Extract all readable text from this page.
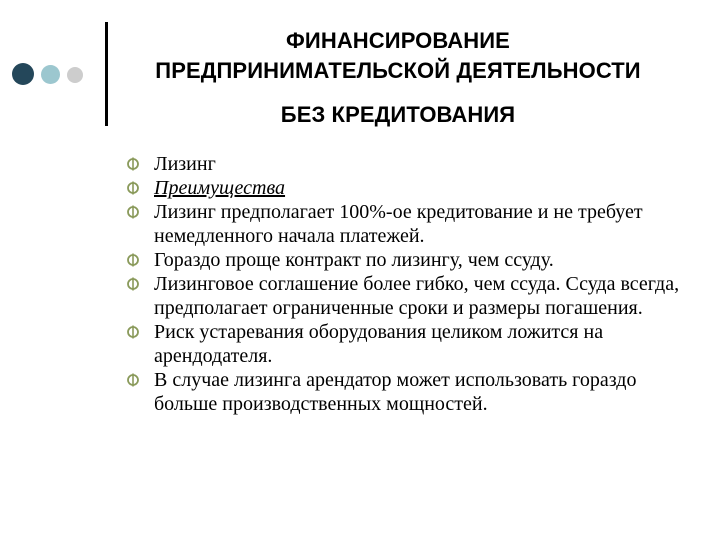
ФИНАНСИРОВАНИЕ
ПРЕДПРИНИМАТЕЛЬСКОЙ ДЕЯТЕЛЬНОСТИ
БЕЗ КРЕДИТОВАНИЯ
Лизинг
Преимущества
Лизинг предполагает 100%-ое кредитование и не требует немедленного начала платежей.
Гораздо проще контракт по лизингу, чем ссуду.
Лизинговое соглашение более гибко, чем ссуда. Ссуда всегда, предполагает ограниченные сроки и размеры погашения.
Риск устаревания оборудования целиком ложится на арендодателя.
В случае лизинга арендатор может использовать гораздо больше производственных мощностей.
